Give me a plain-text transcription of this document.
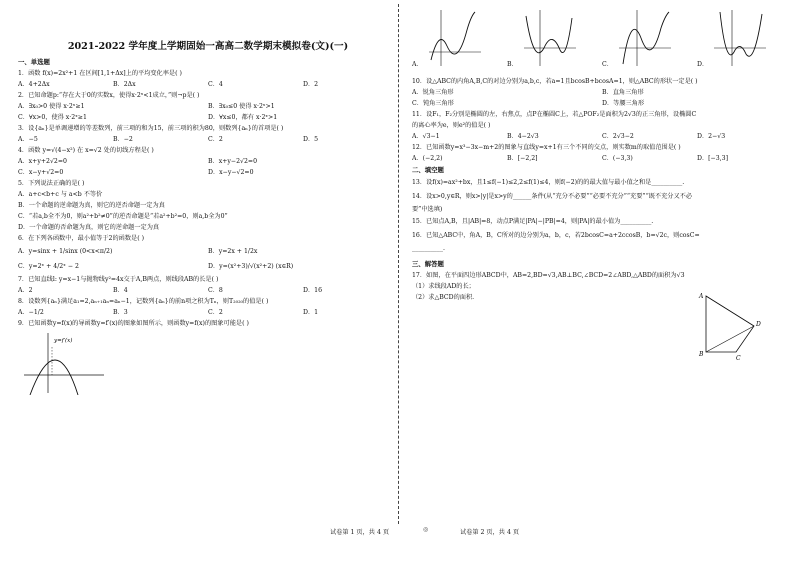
2021-2022 学年度上学期固始一高高二数学期末模拟卷(文)(一)
一、单选题
1．函数 f(x)=2x²+1 在区间[1,1+Δx]上的平均变化率是( )
A．4+2Δx	B．2Δx	C．4	D．2
2．已知命题p:“存在大于0的实数x，使得x·2ˣ<1成立，”则¬p是( )
A．∃x₀>0 使得 x·2ˣ≥1	B．∃x₀≤0 使得 x·2ˣ>1
C．∀x>0，使得 x·2ˣ≥1	D．∀x≤0，都有 x·2ˣ>1
3．设{aₙ}是单调递增的等差数列，前三项的和为15，前三项的积为80，则数列{aₙ}的首项是( )
A．−5	B．−2	C．2	D．5
4．函数 y=√(4−x²) 在 x=√2 处的切线方程是( )
A．x+y+2√2=0	B．x+y−2√2=0
C．x−y+√2=0	D．x−y−√2=0
5．下列说法正确的是( )
A．a+c<b+c 与 a<b 不等价
B．一个命题的逆命题为真，则它的逆否命题一定为真
C．“若a,b全不为0，则a²+b²≠0”的逆否命题是“若a²+b²=0，则a,b全为0”
D．一个命题的否命题为真，则它的逆命题一定为真
6．在下列各函数中，最小值等于2的函数是( )
A．y=sinx + 1/sinx (0<x<π/2)	B．y=2x + 1/2x
C．y=2ˣ + 4/2ˣ − 2	D．y=(x²+3)/√(x²+2) (x∈R)
7．已知直线l: y=x−1与抛物线y²=4x交于A,B两点，则线段AB的长是( )
A．2	B．4	C．8	D．16
8．设数列{aₙ}满足a₁=2,aₙ₊₁aₙ=aₙ−1，记数列{aₙ}的前n项之积为Tₙ，则T₂₀₂₀的值是( )
A．−1/2	B．3	C．2	D．1
9．已知函数y=f(x)的导函数y=f′(x)的图象如图所示，则函数y=f(x)的图象可能是( )
y=f′(x)
试卷第 1 页，共 4 页	◎
A．	B．	C．	D．
10．设△ABC的内角A,B,C的对边分别为a,b,c，若a=1且bcosB+bcosA=1，则△ABC的形状一定是( )
A．锐角三角形	B．直角三角形
C．钝角三角形	D．等腰三角形
11．设F₁，F₂分别是椭圆的左，右焦点，点P在椭圆C上，若△POF₂是面积为2√3的正三角形，设椭圆C
的离心率为e，则e²的值是( )
A．√3−1	B．4−2√3	C．2√3−2	D．2−√3
12．已知函数y=x³−3x−m+2的图象与直线y=x+1有三个不同的交点，则实数m的取值范围是( )
A．(−2,2)	B．[−2,2]	C．(−3,3)	D．[−3,3]
二、填空题
13．设f(x)=ax²+bx，且1≤f(−1)≤2,2≤f(1)≤4，则f(−2)的的最大值与最小值之和是__________.
14．设x>0,y∈R，则x>|y|是x>y的______条件(从“充分不必要”“必要不充分”“充要”“既不充分又不必
要”中选填)
15．已知点A,B，且|AB|=8，动点P满足|PA|−|PB|=4，则|PA|的最小值为__________.
16．已知△ABC中，角A，B，C所对的边分别为a，b，c，若2bcosC=a+2ccosB，b=√2c，则cosC=
__________.
三、解答题
17．如图，在平面四边形ABCD中，AB=2,BD=√3,AB⊥BC,∠BCD=2∠ABD,△ABD的面积为√3
（1）求线段AD的长；
（2）求△BCD的面积.	A
B
C
D
试卷第 2 页，共 4 页
